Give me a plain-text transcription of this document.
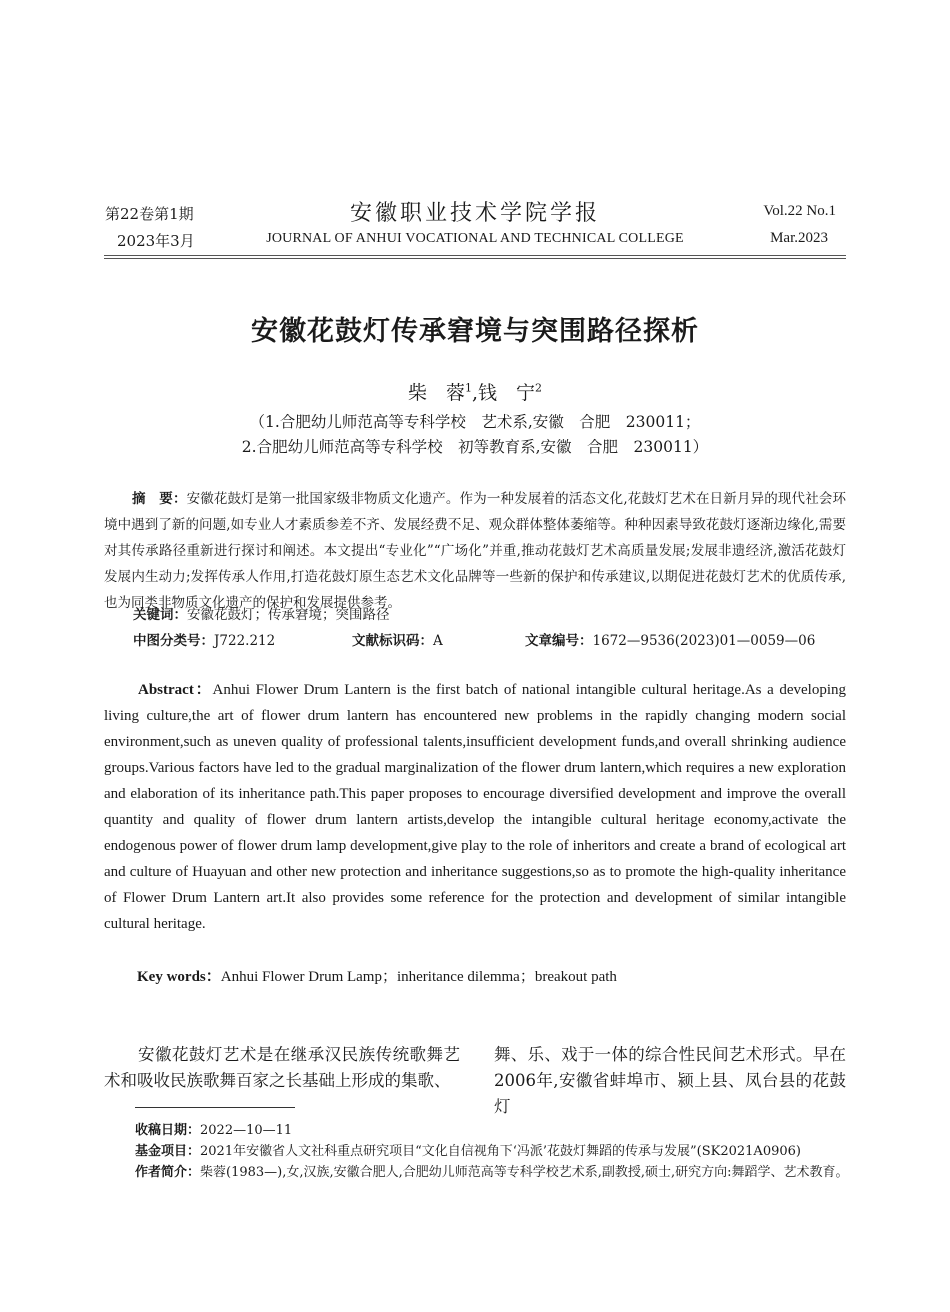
第22卷第1期
2023年3月
安徽职业技术学院学报
JOURNAL OF ANHUI VOCATIONAL AND TECHNICAL COLLEGE
Vol.22 No.1
Mar.2023
安徽花鼓灯传承窘境与突围路径探析
柴　蓉$^1$,钱　宁$^2$
（1.合肥幼儿师范高等专科学校　艺术系,安徽　合肥　230011；
2.合肥幼儿师范高等专科学校　初等教育系,安徽　合肥　230011）
摘　要：安徽花鼓灯是第一批国家级非物质文化遗产。作为一种发展着的活态文化,花鼓灯艺术在日新月异的现代社会环境中遇到了新的问题,如专业人才素质参差不齐、发展经费不足、观众群体整体萎缩等。种种因素导致花鼓灯逐渐边缘化,需要对其传承路径重新进行探讨和阐述。本文提出“专业化”“广场化”并重,推动花鼓灯艺术高质量发展;发展非遗经济,激活花鼓灯发展内生动力;发挥传承人作用,打造花鼓灯原生态艺术文化品牌等一些新的保护和传承建议,以期促进花鼓灯艺术的优质传承,也为同类非物质文化遗产的保护和发展提供参考。
关键词：安徽花鼓灯；传承窘境；突围路径
中图分类号：J722.212	文献标识码：A	文章编号：1672—9536(2023)01—0059—06
Abstract：Anhui Flower Drum Lantern is the first batch of national intangible cultural heritage.As a developing living culture,the art of flower drum lantern has encountered new problems in the rapidly changing modern social environment,such as uneven quality of professional talents,insufficient development funds,and overall shrinking audience groups.Various factors have led to the gradual marginalization of the flower drum lantern,which requires a new exploration and elaboration of its inheritance path.This paper proposes to encourage diversified development and improve the overall quantity and quality of flower drum lantern artists,develop the intangible cultural heritage economy,activate the endogenous power of flower drum lamp development,give play to the role of inheritors and create a brand of ecological art and culture of Huayuan and other new protection and inheritance suggestions,so as to promote the high-quality inheritance of Flower Drum Lantern art.It also provides some reference for the protection and development of similar intangible cultural heritage.
Key words：Anhui Flower Drum Lamp；inheritance dilemma；breakout path
安徽花鼓灯艺术是在继承汉民族传统歌舞艺术和吸收民族歌舞百家之长基础上形成的集歌、
舞、乐、戏于一体的综合性民间艺术形式。早在2006年,安徽省蚌埠市、颍上县、凤台县的花鼓灯
收稿日期：2022—10—11
基金项目：2021年安徽省人文社科重点研究项目“文化自信视角下‘冯派’花鼓灯舞蹈的传承与发展”(SK2021A0906)
作者简介：柴蓉(1983—),女,汉族,安徽合肥人,合肥幼儿师范高等专科学校艺术系,副教授,硕士,研究方向:舞蹈学、艺术教育。
